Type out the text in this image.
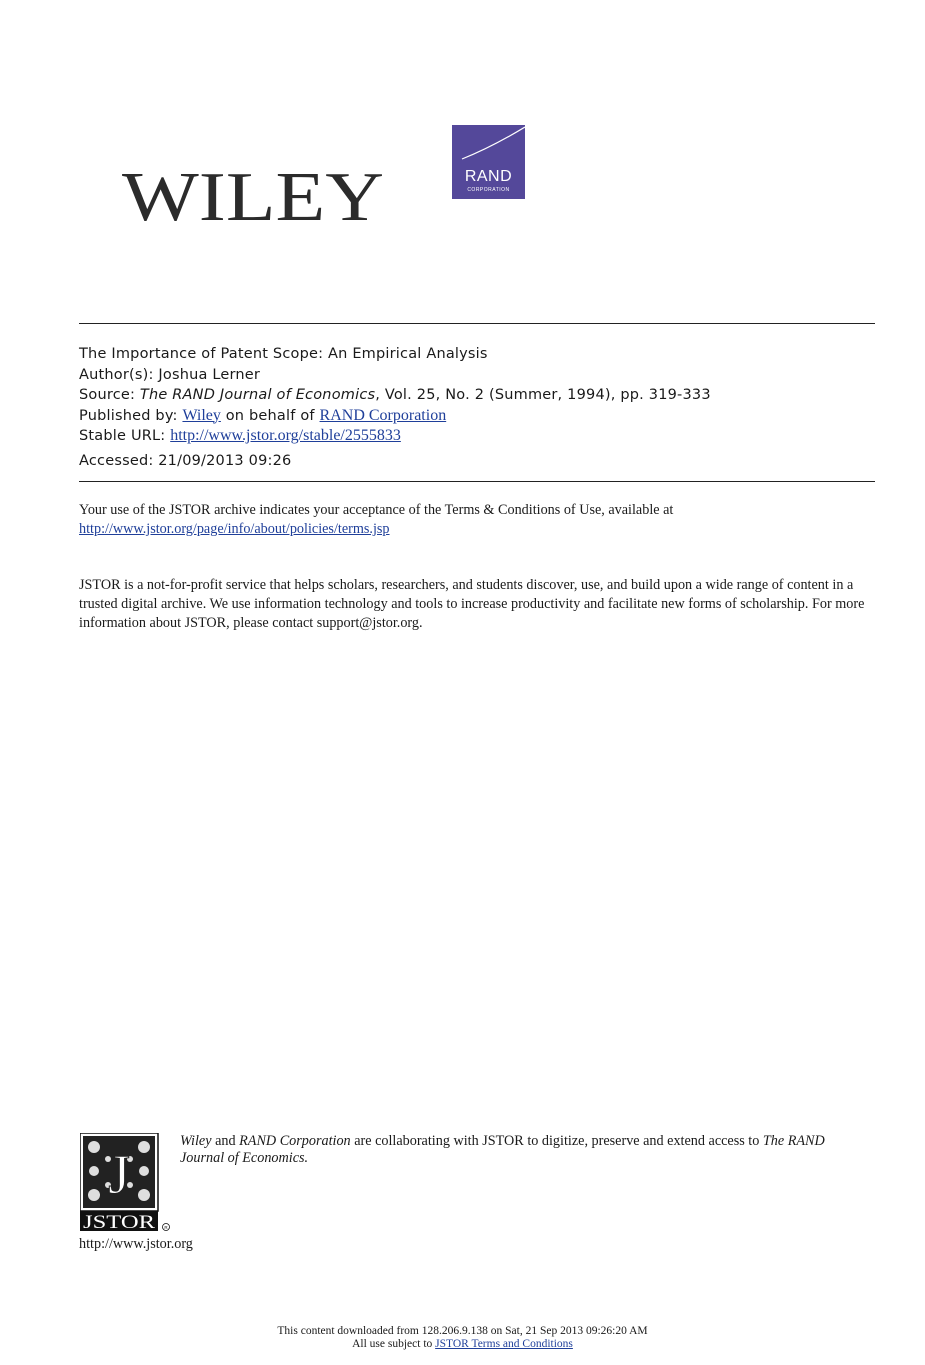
WILEY	RAND
CORPORATION
The Importance of Patent Scope: An Empirical Analysis
Author(s): Joshua Lerner
Source: The RAND Journal of Economics, Vol. 25, No. 2 (Summer, 1994), pp. 319-333
Published by: Wiley on behalf of RAND Corporation
Stable URL: http://www.jstor.org/stable/2555833
Accessed: 21/09/2013 09:26

Your use of the JSTOR archive indicates your acceptance of the Terms & Conditions of Use, available at

http://www.jstor.org/page/info/about/policies/terms.jsp

JSTOR is a not-for-profit service that helps scholars, researchers, and students discover, use, and build upon a wide range of content in a trusted digital archive. We use information technology and tools to increase productivity and facilitate new forms of scholarship. For more information about JSTOR, please contact support@jstor.org.

J
JSTOR R
Wiley and RAND Corporation are collaborating with JSTOR to digitize, preserve and extend access to The RAND Journal of Economics.
http://www.jstor.org
This content downloaded from 128.206.9.138 on Sat, 21 Sep 2013 09:26:20 AM
All use subject to JSTOR Terms and Conditions
